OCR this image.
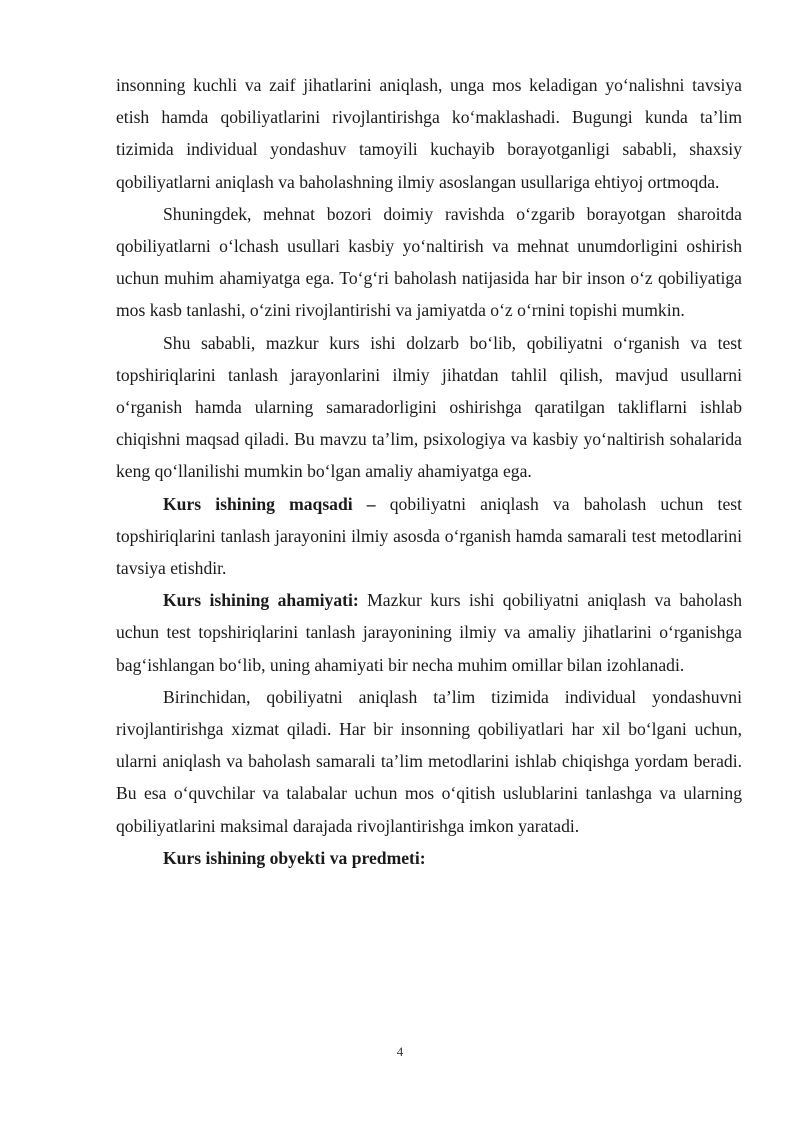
insonning kuchli va zaif jihatlarini aniqlash, unga mos keladigan yo‘nalishni tavsiya etish hamda qobiliyatlarini rivojlantirishga ko‘maklashadi. Bugungi kunda ta’lim tizimida individual yondashuv tamoyili kuchayib borayotganligi sababli, shaxsiy qobiliyatlarni aniqlash va baholashning ilmiy asoslangan usullariga ehtiyoj ortmoqda.

Shuningdek, mehnat bozori doimiy ravishda o‘zgarib borayotgan sharoitda qobiliyatlarni o‘lchash usullari kasbiy yo‘naltirish va mehnat unumdorligini oshirish uchun muhim ahamiyatga ega. To‘g‘ri baholash natijasida har bir inson o‘z qobiliyatiga mos kasb tanlashi, o‘zini rivojlantirishi va jamiyatda o‘z o‘rnini topishi mumkin.

Shu sababli, mazkur kurs ishi dolzarb bo‘lib, qobiliyatni o‘rganish va test topshiriqlarini tanlash jarayonlarini ilmiy jihatdan tahlil qilish, mavjud usullarni o‘rganish hamda ularning samaradorligini oshirishga qaratilgan takliflarni ishlab chiqishni maqsad qiladi. Bu mavzu ta’lim, psixologiya va kasbiy yo‘naltirish sohalarida keng qo‘llanilishi mumkin bo‘lgan amaliy ahamiyatga ega.

Kurs ishining maqsadi – qobiliyatni aniqlash va baholash uchun test topshiriqlarini tanlash jarayonini ilmiy asosda o‘rganish hamda samarali test metodlarini tavsiya etishdir.

Kurs ishining ahamiyati: Mazkur kurs ishi qobiliyatni aniqlash va baholash uchun test topshiriqlarini tanlash jarayonining ilmiy va amaliy jihatlarini o‘rganishga bag‘ishlangan bo‘lib, uning ahamiyati bir necha muhim omillar bilan izohlanadi.

Birinchidan, qobiliyatni aniqlash ta’lim tizimida individual yondashuvni rivojlantirishga xizmat qiladi. Har bir insonning qobiliyatlari har xil bo‘lgani uchun, ularni aniqlash va baholash samarali ta’lim metodlarini ishlab chiqishga yordam beradi. Bu esa o‘quvchilar va talabalar uchun mos o‘qitish uslublarini tanlashga va ularning qobiliyatlarini maksimal darajada rivojlantirishga imkon yaratadi.

Kurs ishining obyekti va predmeti:

4
